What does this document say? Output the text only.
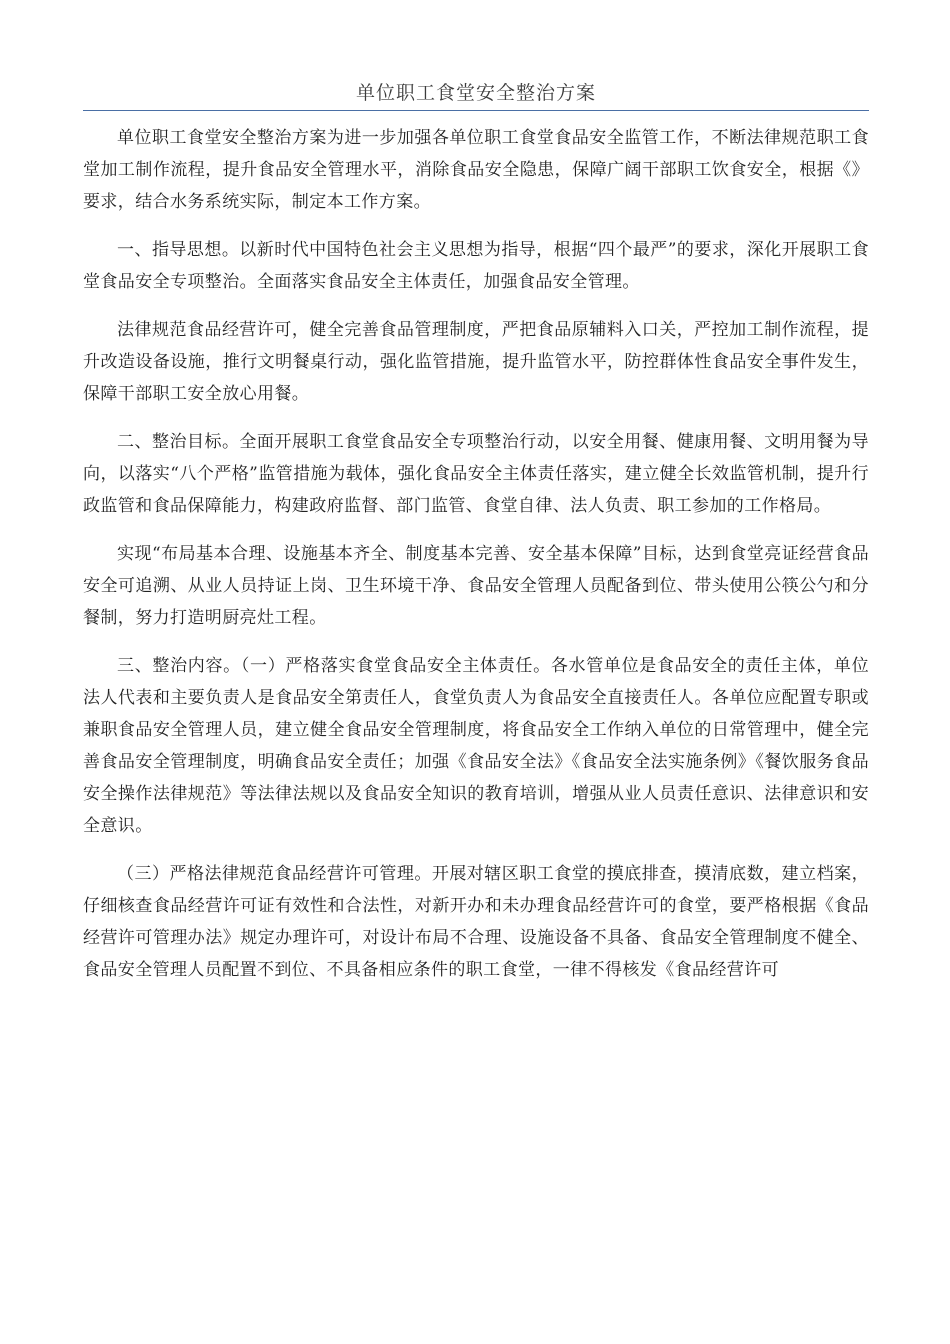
单位职工食堂安全整治方案

单位职工食堂安全整治方案为进一步加强各单位职工食堂食品安全监管工作，不断法律规范职工食堂加工制作流程，提升食品安全管理水平，消除食品安全隐患，保障广阔干部职工饮食安全，根据《》要求，结合水务系统实际，制定本工作方案。

一、指导思想。以新时代中国特色社会主义思想为指导，根据“四个最严”的要求，深化开展职工食堂食品安全专项整治。全面落实食品安全主体责任，加强食品安全管理。

法律规范食品经营许可，健全完善食品管理制度，严把食品原辅料入口关，严控加工制作流程，提升改造设备设施，推行文明餐桌行动，强化监管措施，提升监管水平，防控群体性食品安全事件发生，保障干部职工安全放心用餐。

二、整治目标。全面开展职工食堂食品安全专项整治行动，以安全用餐、健康用餐、文明用餐为导向，以落实“八个严格”监管措施为载体，强化食品安全主体责任落实，建立健全长效监管机制，提升行政监管和食品保障能力，构建政府监督、部门监管、食堂自律、法人负责、职工参加的工作格局。

实现“布局基本合理、设施基本齐全、制度基本完善、安全基本保障”目标，达到食堂亮证经营食品安全可追溯、从业人员持证上岗、卫生环境干净、食品安全管理人员配备到位、带头使用公筷公勺和分餐制，努力打造明厨亮灶工程。

三、整治内容。（一）严格落实食堂食品安全主体责任。各水管单位是食品安全的责任主体，单位法人代表和主要负责人是食品安全第责任人，食堂负责人为食品安全直接责任人。各单位应配置专职或兼职食品安全管理人员，建立健全食品安全管理制度，将食品安全工作纳入单位的日常管理中，健全完善食品安全管理制度，明确食品安全责任；加强《食品安全法》《食品安全法实施条例》《餐饮服务食品安全操作法律规范》等法律法规以及食品安全知识的教育培训，增强从业人员责任意识、法律意识和安全意识。

（三）严格法律规范食品经营许可管理。开展对辖区职工食堂的摸底排查，摸清底数，建立档案，仔细核查食品经营许可证有效性和合法性，对新开办和未办理食品经营许可的食堂，要严格根据《食品经营许可管理办法》规定办理许可，对设计布局不合理、设施设备不具备、食品安全管理制度不健全、食品安全管理人员配置不到位、不具备相应条件的职工食堂，一律不得核发《食品经营许可
